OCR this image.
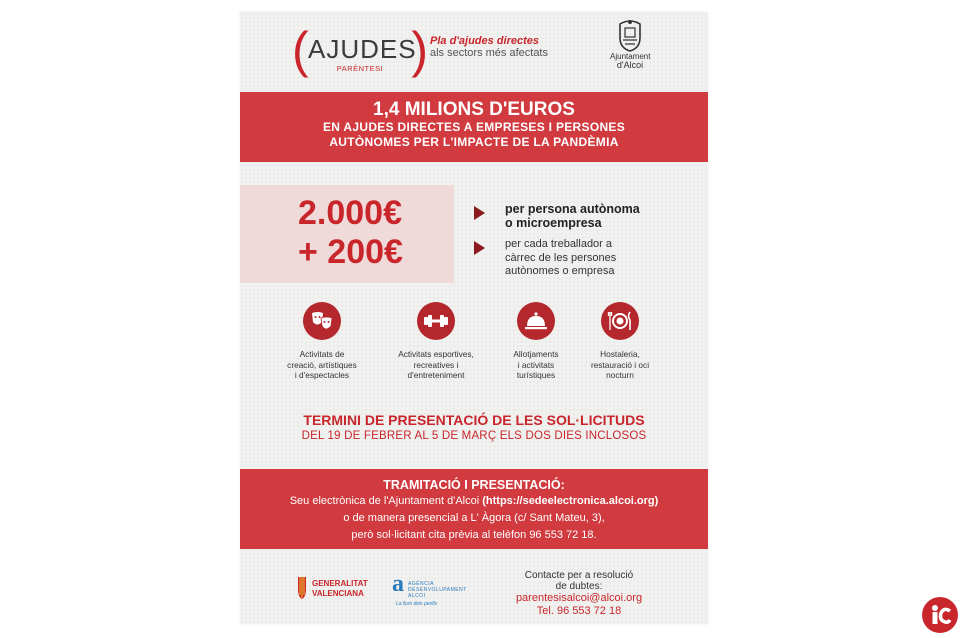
( AJUDES
PARÈNTESI ) Pla d'ajudes directes
als sectors més afectats	Ajuntament
d'Alcoi
1,4 MILIONS D'EUROS
EN AJUDES DIRECTES A EMPRESES I PERSONES
AUTÒNOMES PER L'IMPACTE DE LA PANDÈMIA
2.000€
+ 200€
per persona autònoma
o microempresa
per cada treballador a
càrrec de les persones
autònomes o empresa
Activitats de
creació, artístiques
i d'espectacles
Activitats esportives,
recreatives i
d'entreteniment
Allotjaments
i activitats
turístiques
Hostaleria,
restauració i oci
nocturn
TERMINI DE PRESENTACIÓ DE LES SOL·LICITUDS
DEL 19 DE FEBRER AL 5 DE MARÇ ELS DOS DIES INCLOSOS
TRAMITACIÓ I PRESENTACIÓ:
Seu electrònica de l'Ajuntament d'Alcoi (https://sedeelectronica.alcoi.org)
o de manera presencial a L' Àgora (c/ Sant Mateu, 3),
però sol·licitant cita prèvia al telèfon 96 553 72 18.
GENERALITAT
VALENCIANA a AGÈNCIA
DESENVOLUPAMENT
ALCOI
La llum dels perills
Contacte per a resolució
de dubtes:
parentesisalcoi@alcoi.org
Tel. 96 553 72 18
